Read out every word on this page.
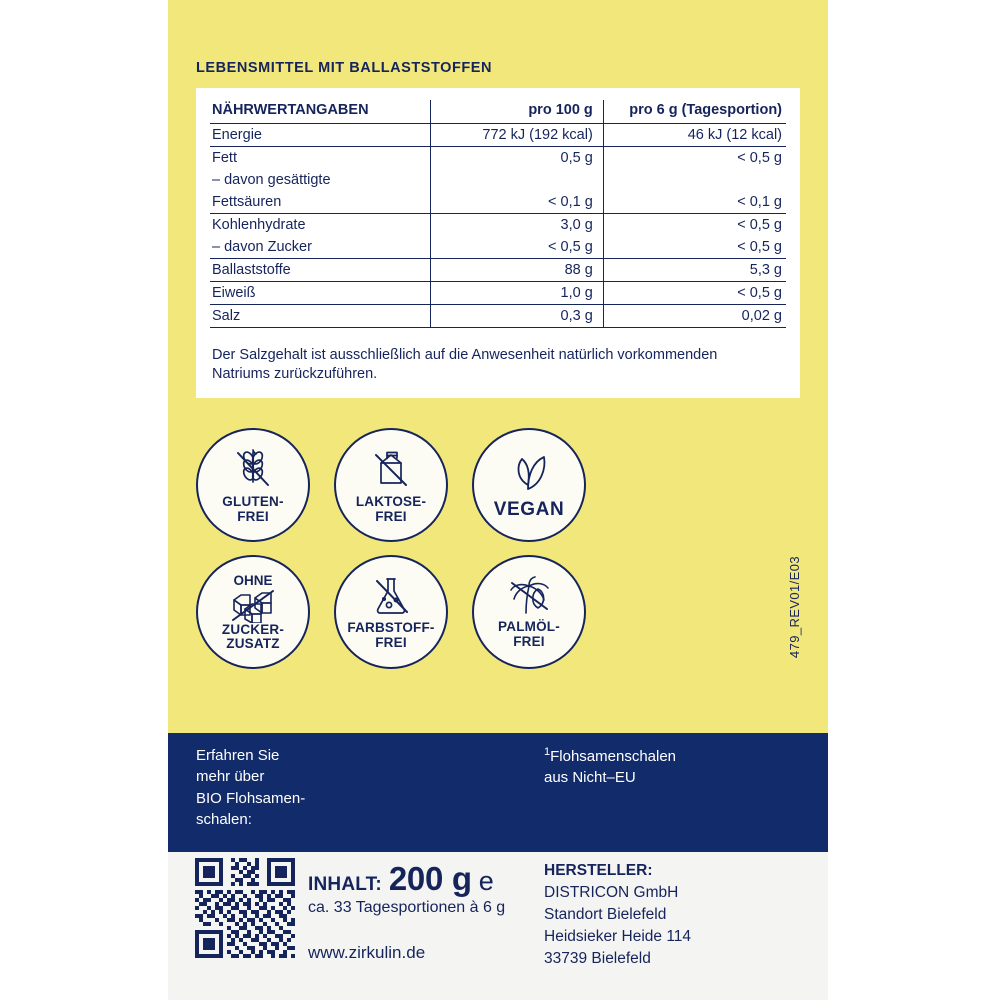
LEBENSMITTEL MIT BALLASTSTOFFEN
NÄHRWERTANGABEN	pro 100 g	pro 6 g (Tagesportion)
Energie	772 kJ (192 kcal)	46 kJ (12 kcal)
Fett	0,5 g	< 0,5 g
– davon gesättigte		
Fettsäuren	< 0,1 g	< 0,1 g
Kohlenhydrate	3,0 g	< 0,5 g
– davon Zucker	< 0,5 g	< 0,5 g
Ballaststoffe	88 g	5,3 g
Eiweiß	1,0 g	< 0,5 g
Salz	0,3 g	0,02 g
Der Salzgehalt ist ausschließlich auf die Anwesenheit natürlich vorkommenden Natriums zurückzuführen.
GLUTEN-
FREI
LAKTOSE-
FREI	VEGAN
OHNE
ZUCKER-
ZUSATZ
FARBSTOFF-
FREI
PALMÖL-
FREI	479_REV01/E03
Erfahren Sie
mehr über
BIO Flohsamen-
schalen:
$^1$Flohsamenschalen
aus Nicht–EU
INHALT: 200 g e
ca. 33 Tagesportionen à 6 g
www.zirkulin.de
HERSTELLER:
DISTRICON GmbH
Standort Bielefeld
Heidsieker Heide 114
33739 Bielefeld
